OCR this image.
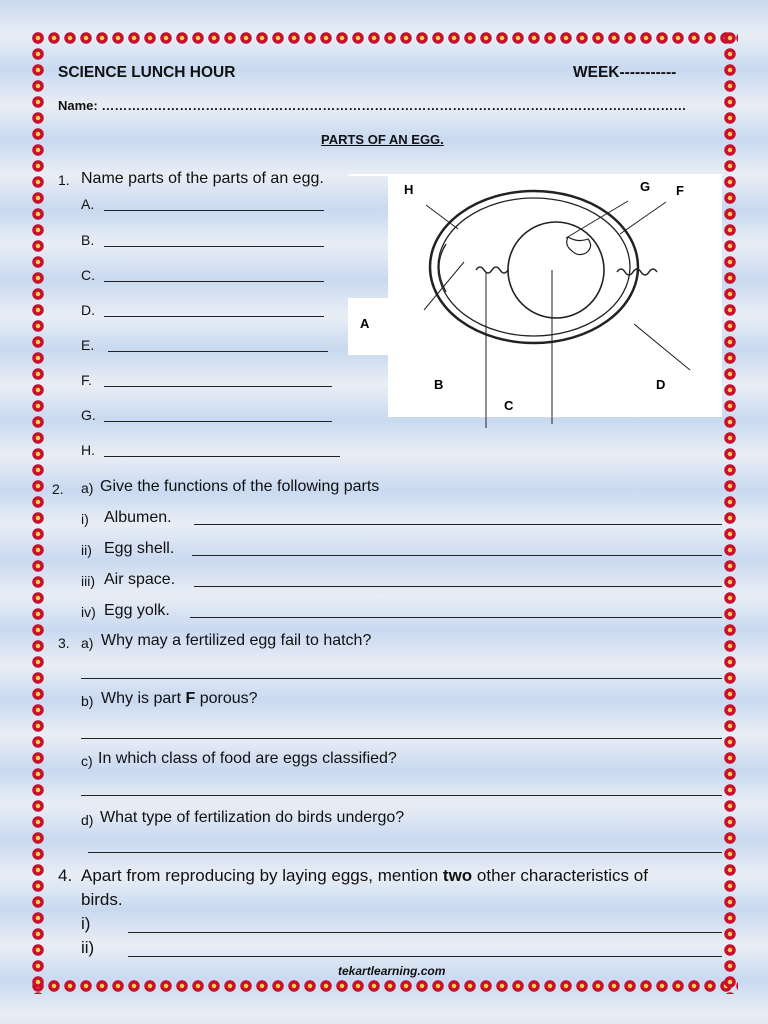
SCIENCE LUNCH HOUR	WEEK-----------
Name: ………………………………………………………………………………………………………………………
PARTS OF AN EGG.
1. Name parts of the parts of an egg.
A.
B.
C.
D.
E.
F.
G.
H.
H	G F
A
B
C
D
2. a) Give the functions of the following parts
i) Albumen.
ii) Egg shell.
iii) Air space.
iv) Egg yolk.
3. a) Why may a fertilized egg fail to hatch?
b) Why is part F porous?
c) In which class of food are eggs classified?
d) What type of fertilization do birds undergo?
4. Apart from reproducing by laying eggs, mention two other characteristics of
birds.
i)
ii)
tekartlearning.com
